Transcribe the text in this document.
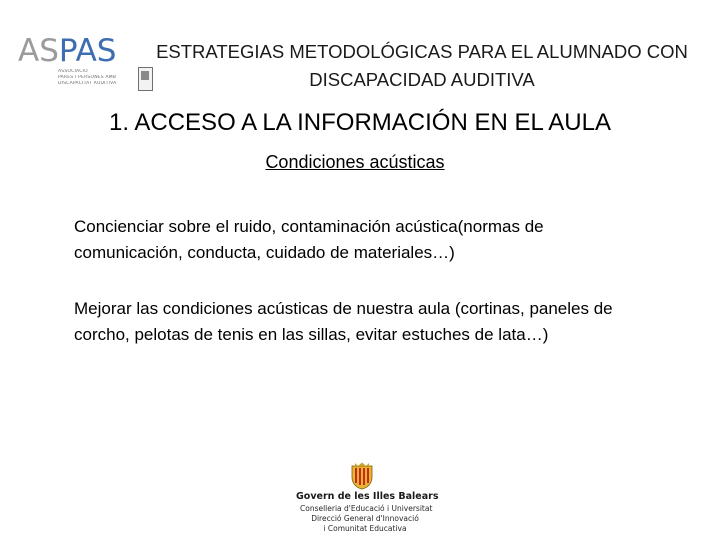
ASPAS
ASSOCIACIÓ
PARES I PERSONES AMB
DISCAPACITAT AUDITIVA
ESTRATEGIAS METODOLÓGICAS PARA EL ALUMNADO CON
DISCAPACIDAD AUDITIVA
1. ACCESO A LA INFORMACIÓN EN EL AULA
Condiciones acústicas
Concienciar sobre el ruido, contaminación acústica(normas de
comunicación, conducta, cuidado de materiales…)
Mejorar las condiciones acústicas de nuestra aula (cortinas, paneles de
corcho, pelotas de tenis en las sillas, evitar estuches de lata…)
Govern de les Illes Balears
Conselleria d'Educació i Universitat
Direcció General d'Innovació
i Comunitat Educativa
